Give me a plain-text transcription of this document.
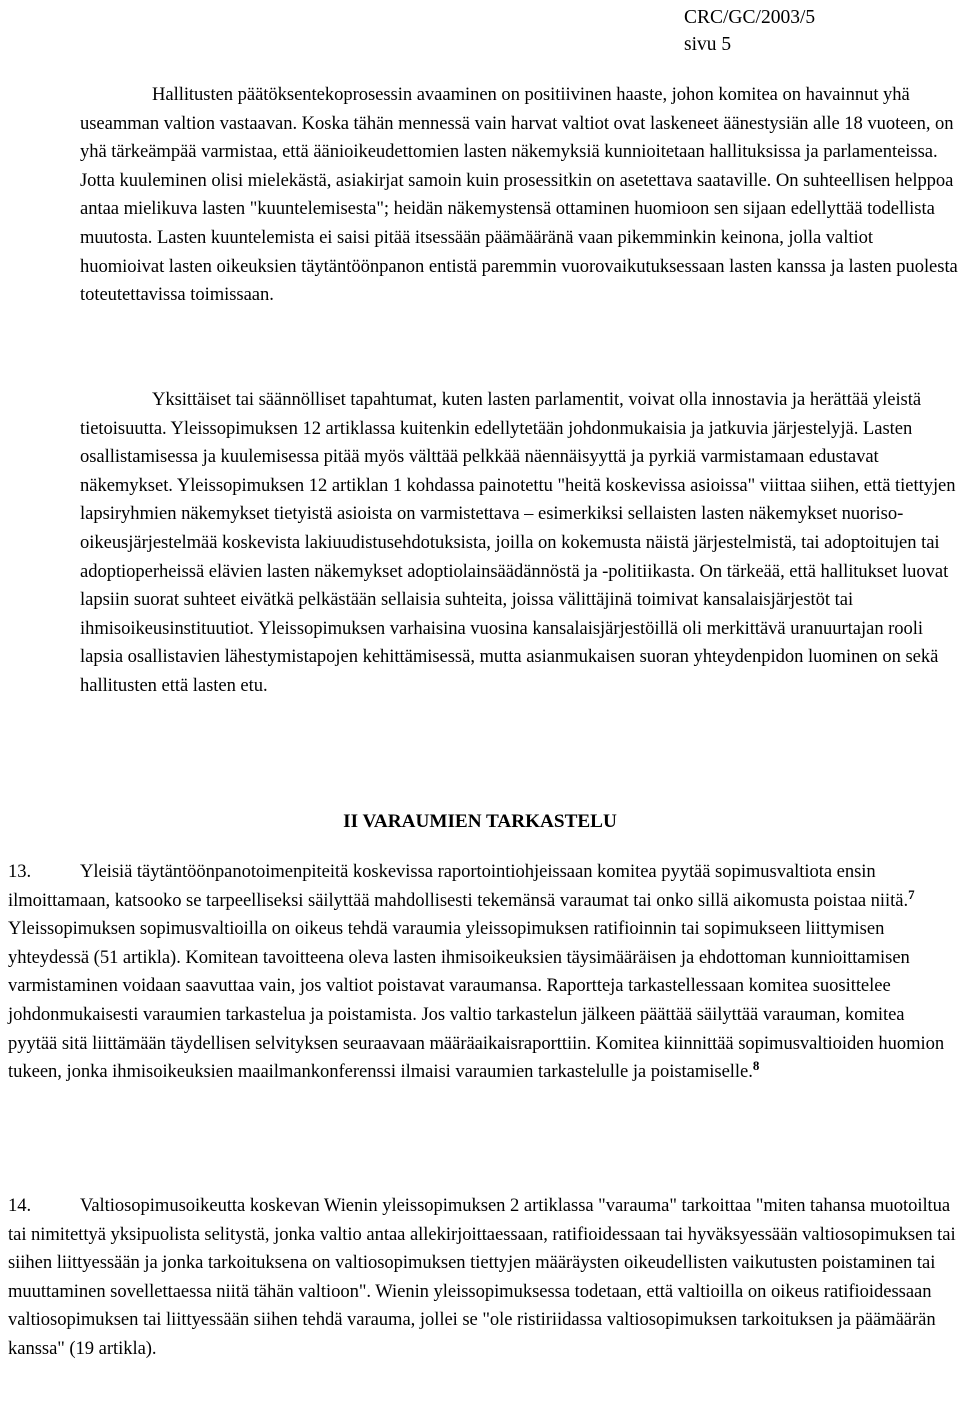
CRC/GC/2003/5
sivu 5

Hallitusten päätöksentekoprosessin avaaminen on positiivinen haaste, johon komitea on havainnut yhä useamman valtion vastaavan. Koska tähän mennessä vain harvat valtiot ovat laskeneet äänestysiän alle 18 vuoteen, on yhä tärkeämpää varmistaa, että äänioikeudettomien lasten näkemyksiä kunnioitetaan hallituksissa ja parlamenteissa. Jotta kuuleminen olisi mielekästä, asiakirjat samoin kuin prosessitkin on asetettava saataville. On suhteellisen helppoa antaa mielikuva lasten "kuuntelemisesta"; heidän näkemystensä ottaminen huomioon sen sijaan edellyttää todellista muutosta. Lasten kuuntelemista ei saisi pitää itsessään päämääränä vaan pikemminkin keinona, jolla valtiot huomioivat lasten oikeuksien täytäntöönpanon entistä paremmin vuorovaikutuksessaan lasten kanssa ja lasten puolesta toteutettavissa toimissaan.

Yksittäiset tai säännölliset tapahtumat, kuten lasten parlamentit, voivat olla innostavia ja herättää yleistä tietoisuutta. Yleissopimuksen 12 artiklassa kuitenkin edellytetään johdonmukaisia ja jatkuvia järjestelyjä. Lasten osallistamisessa ja kuulemisessa pitää myös välttää pelkkää näennäisyyttä ja pyrkiä varmistamaan edustavat näkemykset. Yleissopimuksen 12 artiklan 1 kohdassa painotettu "heitä koskevissa asioissa" viittaa siihen, että tiettyjen lapsiryhmien näkemykset tietyistä asioista on varmistettava – esimerkiksi sellaisten lasten näkemykset nuoriso-oikeusjärjestelmää koskevista lakiuudistusehdotuksista, joilla on kokemusta näistä järjestelmistä, tai adoptoitujen tai adoptioperheissä elävien lasten näkemykset adoptiolainsäädännöstä ja -politiikasta. On tärkeää, että hallitukset luovat lapsiin suorat suhteet eivätkä pelkästään sellaisia suhteita, joissa välittäjinä toimivat kansalaisjärjestöt tai ihmisoikeusinstituutiot. Yleissopimuksen varhaisina vuosina kansalaisjärjestöillä oli merkittävä uranuurtajan rooli lapsia osallistavien lähestymistapojen kehittämisessä, mutta asianmukaisen suoran yhteydenpidon luominen on sekä hallitusten että lasten etu.

II VARAUMIEN TARKASTELU

13.	Yleisiä täytäntöönpanotoimenpiteitä koskevissa raportointiohjeissaan komitea pyytää sopimusvaltiota ensin ilmoittamaan, katsooko se tarpeelliseksi säilyttää mahdollisesti tekemänsä varaumat tai onko sillä aikomusta poistaa niitä.$^7$ Yleissopimuksen sopimusvaltioilla on oikeus tehdä varaumia yleissopimuksen ratifioinnin tai sopimukseen liittymisen yhteydessä (51 artikla). Komitean tavoitteena oleva lasten ihmisoikeuksien täysimääräisen ja ehdottoman kunnioittamisen varmistaminen voidaan saavuttaa vain, jos valtiot poistavat varaumansa. Raportteja tarkastellessaan komitea suosittelee johdonmukaisesti varaumien tarkastelua ja poistamista. Jos valtio tarkastelun jälkeen päättää säilyttää varauman, komitea pyytää sitä liittämään täydellisen selvityksen seuraavaan määräaikaisraporttiin. Komitea kiinnittää sopimusvaltioiden huomion tukeen, jonka ihmisoikeuksien maailmankonferenssi ilmaisi varaumien tarkastelulle ja poistamiselle.$^8$

14.	Valtiosopimusoikeutta koskevan Wienin yleissopimuksen 2 artiklassa "varauma" tarkoittaa "miten tahansa muotoiltua tai nimitettyä yksipuolista selitystä, jonka valtio antaa allekirjoittaessaan, ratifioidessaan tai hyväksyessään valtiosopimuksen tai siihen liittyessään ja jonka tarkoituksena on valtiosopimuksen tiettyjen määräysten oikeudellisten vaikutusten poistaminen tai muuttaminen sovellettaessa niitä tähän valtioon". Wienin yleissopimuksessa todetaan, että valtioilla on oikeus ratifioidessaan valtiosopimuksen tai liittyessään siihen tehdä varauma, jollei se "ole ristiriidassa valtiosopimuksen tarkoituksen ja päämäärän kanssa" (19 artikla).
